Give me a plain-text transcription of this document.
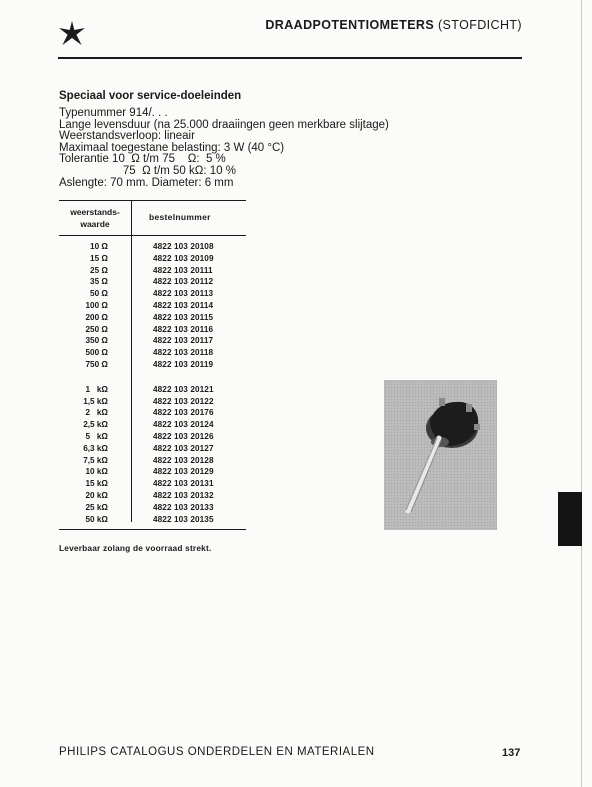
DRAADPOTENTIOMETERS (STOFDICHT)
Speciaal voor service-doeleinden
Typenummer 914/. . .
Lange levensduur (na 25.000 draaiingen geen merkbare slijtage)
Weerstandsverloop: lineair
Maximaal toegestane belasting: 3 W (40 °C)
Tolerantie 10  Ω t/m 75    Ω:  5 %
75  Ω t/m 50 kΩ: 10 %
Aslengte: 70 mm. Diameter: 6 mm
weerstands-
waarde
bestelnummer
10 Ω	4822 103 20108
15 Ω	4822 103 20109
25 Ω	4822 103 20111
35 Ω	4822 103 20112
50 Ω	4822 103 20113
100 Ω	4822 103 20114
200 Ω	4822 103 20115
250 Ω	4822 103 20116
350 Ω	4822 103 20117
500 Ω	4822 103 20118
750 Ω	4822 103 20119
1   kΩ	4822 103 20121
1,5 kΩ	4822 103 20122
2   kΩ	4822 103 20176
2,5 kΩ	4822 103 20124
5   kΩ	4822 103 20126
6,3 kΩ	4822 103 20127
7,5 kΩ	4822 103 20128
10 kΩ	4822 103 20129
15 kΩ	4822 103 20131
20 kΩ	4822 103 20132
25 kΩ	4822 103 20133
50 kΩ	4822 103 20135
Leverbaar zolang de voorraad strekt.
PHILIPS CATALOGUS ONDERDELEN EN MATERIALEN	137
